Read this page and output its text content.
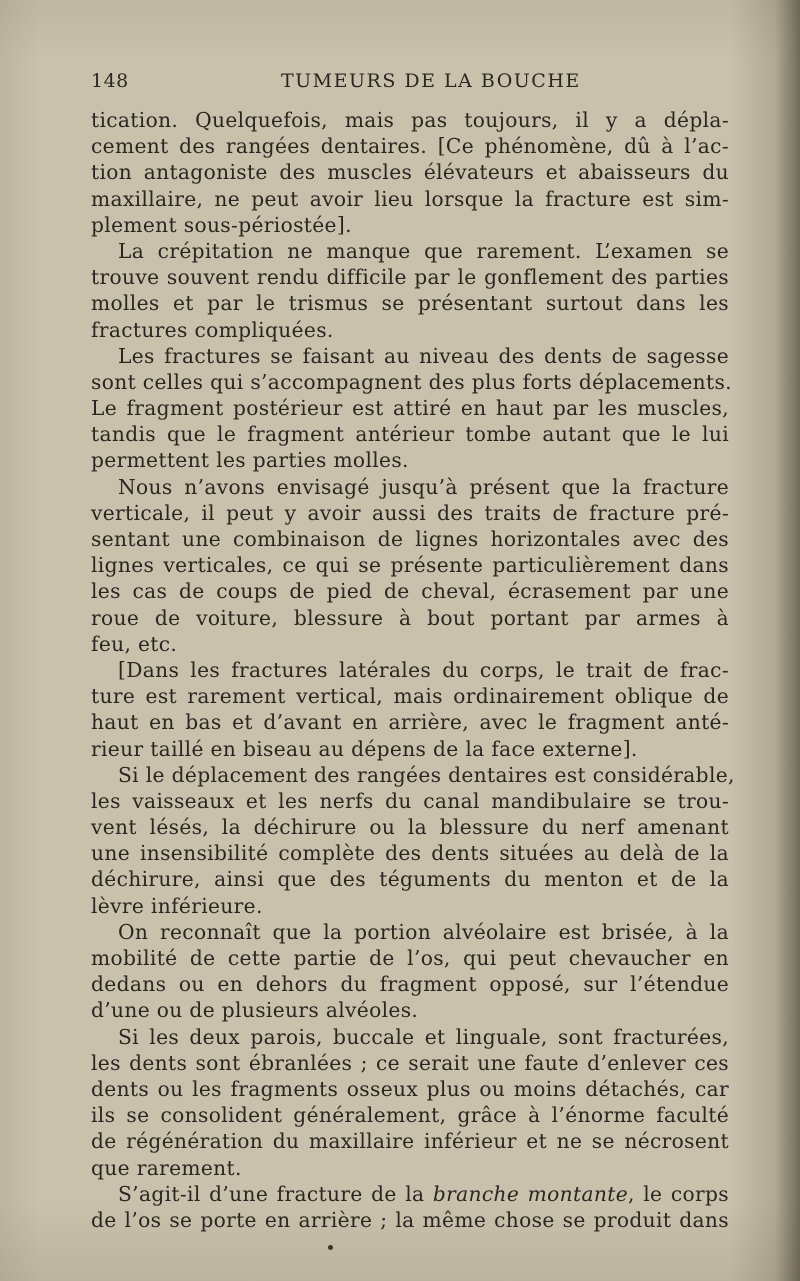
148	TUMEURS DE LA BOUCHE
tication. Quelquefois, mais pas toujours, il y a dépla-
cement des rangées dentaires. [Ce phénomène, dû à l’ac-
tion antagoniste des muscles élévateurs et abaisseurs du
maxillaire, ne peut avoir lieu lorsque la fracture est sim-
plement sous-périostée].
La crépitation ne manque que rarement. L’examen se
trouve souvent rendu difficile par le gonflement des parties
molles et par le trismus se présentant surtout dans les
fractures compliquées.
Les fractures se faisant au niveau des dents de sagesse
sont celles qui s’accompagnent des plus forts déplacements.
Le fragment postérieur est attiré en haut par les muscles,
tandis que le fragment antérieur tombe autant que le lui
permettent les parties molles.
Nous n’avons envisagé jusqu’à présent que la fracture
verticale, il peut y avoir aussi des traits de fracture pré-
sentant une combinaison de lignes horizontales avec des
lignes verticales, ce qui se présente particulièrement dans
les cas de coups de pied de cheval, écrasement par une
roue de voiture, blessure à bout portant par armes à
feu, etc.
[Dans les fractures latérales du corps, le trait de frac-
ture est rarement vertical, mais ordinairement oblique de
haut en bas et d’avant en arrière, avec le fragment anté-
rieur taillé en biseau au dépens de la face externe].
Si le déplacement des rangées dentaires est considérable,
les vaisseaux et les nerfs du canal mandibulaire se trou-
vent lésés, la déchirure ou la blessure du nerf amenant
une insensibilité complète des dents situées au delà de la
déchirure, ainsi que des téguments du menton et de la
lèvre inférieure.
On reconnaît que la portion alvéolaire est brisée, à la
mobilité de cette partie de l’os, qui peut chevaucher en
dedans ou en dehors du fragment opposé, sur l’étendue
d’une ou de plusieurs alvéoles.
Si les deux parois, buccale et linguale, sont fracturées,
les dents sont ébranlées ; ce serait une faute d’enlever ces
dents ou les fragments osseux plus ou moins détachés, car
ils se consolident généralement, grâce à l’énorme faculté
de régénération du maxillaire inférieur et ne se nécrosent
que rarement.
S’agit-il d’une fracture de la branche montante, le corps
de l’os se porte en arrière ; la même chose se produit dans
